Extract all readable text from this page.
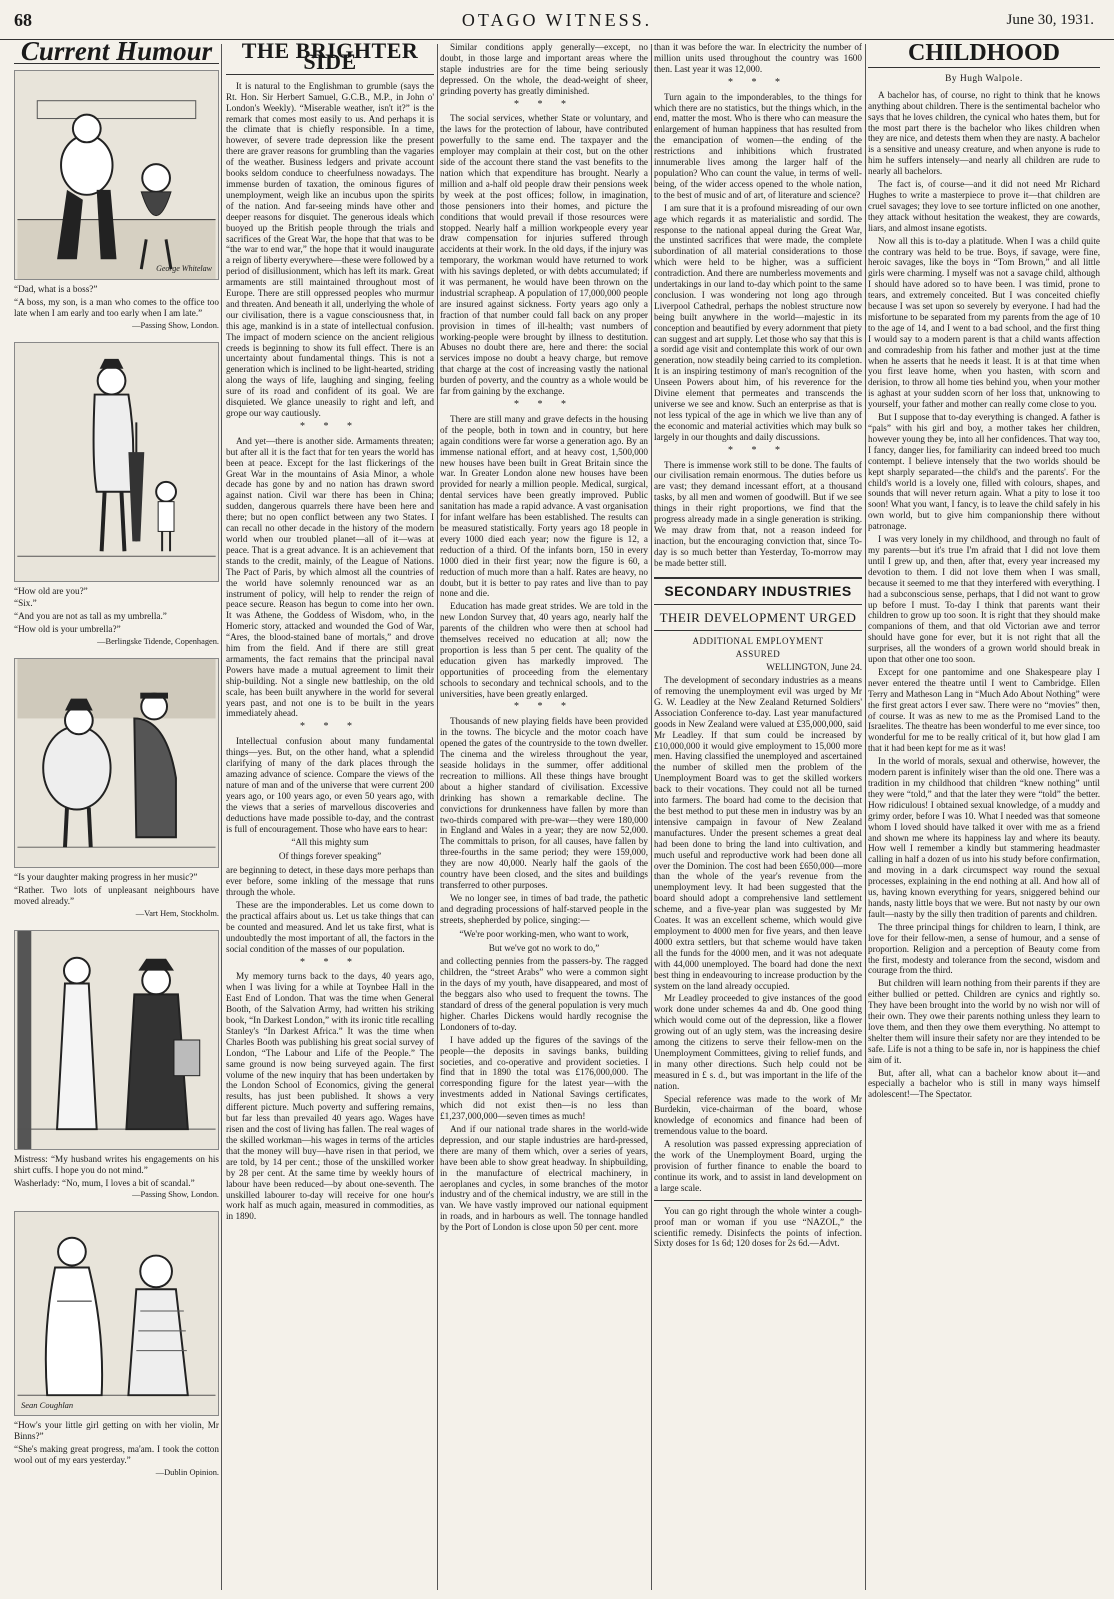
68	OTAGO WITNESS.	June 30, 1931.
Current Humour
George Whitelaw
“Dad, what is a boss?”
“A boss, my son, is a man who comes to the office too late when I am early and too early when I am late.”
—Passing Show, London.
“How old are you?”
“Six.”
“And you are not as tall as my umbrella.”
“How old is your umbrella?”
—Berlingske Tidende, Copenhagen.
“Is your daughter making progress in her music?”
“Rather. Two lots of unpleasant neighbours have moved already.”
—Vart Hem, Stockholm.
Mistress: “My husband writes his engagements on his shirt cuffs. I hope you do not mind.”
Washerlady: “No, mum, I loves a bit of scandal.”
—Passing Show, London.
Sean Coughlan
“How's your little girl getting on with her violin, Mr Binns?”
“She's making great progress, ma'am. I took the cotton wool out of my ears yesterday.”
—Dublin Opinion.
THE BRIGHTER SIDE

It is natural to the Englishman to grumble (says the Rt. Hon. Sir Herbert Samuel, G.C.B., M.P., in John o' London's Weekly). “Miserable weather, isn't it?” is the remark that comes most easily to us. And perhaps it is the climate that is chiefly responsible. In a time, however, of severe trade depression like the present there are graver reasons for grumbling than the vagaries of the weather. Business ledgers and private account books seldom conduce to cheerfulness nowadays. The immense burden of taxation, the ominous figures of unemployment, weigh like an incubus upon the spirits of the nation. And far-seeing minds have other and deeper reasons for disquiet. The generous ideals which buoyed up the British people through the trials and sacrifices of the Great War, the hope that that was to be “the war to end war,” the hope that it would inaugurate a reign of liberty everywhere—these were followed by a period of disillusionment, which has left its mark. Great armaments are still maintained throughout most of Europe. There are still oppressed peoples who murmur and threaten. And beneath it all, underlying the whole of our civilisation, there is a vague consciousness that, in this age, mankind is in a state of intellectual confusion. The impact of modern science on the ancient religious creeds is beginning to show its full effect. There is an uncertainty about fundamental things. This is not a generation which is inclined to be light-hearted, striding along the ways of life, laughing and singing, feeling sure of its road and confident of its goal. We are disquieted. We glance uneasily to right and left, and grope our way cautiously.

* * *

And yet—there is another side. Armaments threaten; but after all it is the fact that for ten years the world has been at peace. Except for the last flickerings of the Great War in the mountains of Asia Minor, a whole decade has gone by and no nation has drawn sword against nation. Civil war there has been in China; sudden, dangerous quarrels there have been here and there; but no open conflict between any two States. I can recall no other decade in the history of the modern world when our troubled planet—all of it—was at peace. That is a great advance. It is an achievement that stands to the credit, mainly, of the League of Nations. The Pact of Paris, by which almost all the countries of the world have solemnly renounced war as an instrument of policy, will help to render the reign of peace secure. Reason has begun to come into her own. It was Athene, the Goddess of Wisdom, who, in the Homeric story, attacked and wounded the God of War, “Ares, the blood-stained bane of mortals,” and drove him from the field. And if there are still great armaments, the fact remains that the principal naval Powers have made a mutual agreement to limit their ship-building. Not a single new battleship, on the old scale, has been built anywhere in the world for several years past, and not one is to be built in the years immediately ahead.

* * *

Intellectual confusion about many fundamental things—yes. But, on the other hand, what a splendid clarifying of many of the dark places through the amazing advance of science. Compare the views of the nature of man and of the universe that were current 200 years ago, or 100 years ago, or even 50 years ago, with the views that a series of marvellous discoveries and deductions have made possible to-day, and the contrast is full of encouragement. Those who have ears to hear:

“All this mighty sum
Of things forever speaking”

are beginning to detect, in these days more perhaps than ever before, some inkling of the message that runs through the whole.

These are the imponderables. Let us come down to the practical affairs about us. Let us take things that can be counted and measured. And let us take first, what is undoubtedly the most important of all, the factors in the social condition of the masses of our population.

* * *

My memory turns back to the days, 40 years ago, when I was living for a while at Toynbee Hall in the East End of London. That was the time when General Booth, of the Salvation Army, had written his striking book, “In Darkest London,” with its ironic title recalling Stanley's “In Darkest Africa.” It was the time when Charles Booth was publishing his great social survey of London, “The Labour and Life of the People.” The same ground is now being surveyed again. The first volume of the new inquiry that has been undertaken by the London School of Economics, giving the general results, has just been published. It shows a very different picture. Much poverty and suffering remains, but far less than prevailed 40 years ago. Wages have risen and the cost of living has fallen. The real wages of the skilled workman—his wages in terms of the articles that the money will buy—have risen in that period, we are told, by 14 per cent.; those of the unskilled worker by 28 per cent. At the same time by weekly hours of labour have been reduced—by about one-seventh. The unskilled labourer to-day will receive for one hour's work half as much again, measured in commodities, as in 1890.

Similar conditions apply generally—except, no doubt, in those large and important areas where the staple industries are for the time being seriously depressed. On the whole, the dead-weight of sheer, grinding poverty has greatly diminished.

* * *

The social services, whether State or voluntary, and the laws for the protection of labour, have contributed powerfully to the same end. The taxpayer and the employer may complain at their cost, but on the other side of the account there stand the vast benefits to the nation which that expenditure has brought. Nearly a million and a-half old people draw their pensions week by week at the post offices; follow, in imagination, those pensioners into their homes, and picture the conditions that would prevail if those resources were stopped. Nearly half a million workpeople every year draw compensation for injuries suffered through accidents at their work. In the old days, if the injury was temporary, the workman would have returned to work with his savings depleted, or with debts accumulated; if it was permanent, he would have been thrown on the industrial scrapheap. A population of 17,000,000 people are insured against sickness. Forty years ago only a fraction of that number could fall back on any proper provision in times of ill-health; vast numbers of working-people were brought by illness to destitution. Abuses no doubt there are, here and there: the social services impose no doubt a heavy charge, but remove that charge at the cost of increasing vastly the national burden of poverty, and the country as a whole would be far from gaining by the exchange.

* * *

There are still many and grave defects in the housing of the people, both in town and in country, but here again conditions were far worse a generation ago. By an immense national effort, and at heavy cost, 1,500,000 new houses have been built in Great Britain since the war. In Greater London alone new houses have been provided for nearly a million people. Medical, surgical, dental services have been greatly improved. Public sanitation has made a rapid advance. A vast organisation for infant welfare has been established. The results can be measured statistically. Forty years ago 18 people in every 1000 died each year; now the figure is 12, a reduction of a third. Of the infants born, 150 in every 1000 died in their first year; now the figure is 60, a reduction of much more than a half. Rates are heavy, no doubt, but it is better to pay rates and live than to pay none and die.

Education has made great strides. We are told in the new London Survey that, 40 years ago, nearly half the parents of the children who were then at school had themselves received no education at all; now the proportion is less than 5 per cent. The quality of the education given has markedly improved. The opportunities of proceeding from the elementary schools to secondary and technical schools, and to the universities, have been greatly enlarged.

* * *

Thousands of new playing fields have been provided in the towns. The bicycle and the motor coach have opened the gates of the countryside to the town dweller. The cinema and the wireless throughout the year, seaside holidays in the summer, offer additional recreation to millions. All these things have brought about a higher standard of civilisation. Excessive drinking has shown a remarkable decline. The convictions for drunkenness have fallen by more than two-thirds compared with pre-war—they were 180,000 in England and Wales in a year; they are now 52,000. The committals to prison, for all causes, have fallen by three-fourths in the same period; they were 159,000, they are now 40,000. Nearly half the gaols of the country have been closed, and the sites and buildings transferred to other purposes.

We no longer see, in times of bad trade, the pathetic and degrading processions of half-starved people in the streets, shepherded by police, singing:—

“We're poor working-men, who want to work,
But we've got no work to do,”

and collecting pennies from the passers-by. The ragged children, the “street Arabs” who were a common sight in the days of my youth, have disappeared, and most of the beggars also who used to frequent the towns. The standard of dress of the general population is very much higher. Charles Dickens would hardly recognise the Londoners of to-day.

I have added up the figures of the savings of the people—the deposits in savings banks, building societies, and co-operative and provident societies. I find that in 1890 the total was £176,000,000. The corresponding figure for the latest year—with the investments added in National Savings certificates, which did not exist then—is no less than £1,237,000,000—seven times as much!

And if our national trade shares in the world-wide depression, and our staple industries are hard-pressed, there are many of them which, over a series of years, have been able to show great headway. In shipbuilding, in the manufacture of electrical machinery, in aeroplanes and cycles, in some branches of the motor industry and of the chemical industry, we are still in the van. We have vastly improved our national equipment in roads, and in harbours as well. The tonnage handled by the Port of London is close upon 50 per cent. more

than it was before the war. In electricity the number of million units used throughout the country was 1600 then. Last year it was 12,000.

* * *

Turn again to the imponderables, to the things for which there are no statistics, but the things which, in the end, matter the most. Who is there who can measure the enlargement of human happiness that has resulted from the emancipation of women—the ending of the restrictions and inhibitions which frustrated innumerable lives among the larger half of the population? Who can count the value, in terms of well-being, of the wider access opened to the whole nation, to the best of music and of art, of literature and science?

I am sure that it is a profound misreading of our own age which regards it as materialistic and sordid. The response to the national appeal during the Great War, the unstinted sacrifices that were made, the complete subordination of all material considerations to those which were held to be higher, was a sufficient contradiction. And there are numberless movements and undertakings in our land to-day which point to the same conclusion. I was wondering not long ago through Liverpool Cathedral, perhaps the noblest structure now being built anywhere in the world—majestic in its conception and beautified by every adornment that piety can suggest and art supply. Let those who say that this is a sordid age visit and contemplate this work of our own generation, now steadily being carried to its completion. It is an inspiring testimony of man's recognition of the Unseen Powers about him, of his reverence for the Divine element that permeates and transcends the universe we see and know. Such an enterprise as that is not less typical of the age in which we live than any of the economic and material activities which may bulk so largely in our thoughts and daily discussions.

* * *

There is immense work still to be done. The faults of our civilisation remain enormous. The duties before us are vast; they demand incessant effort, at a thousand tasks, by all men and women of goodwill. But if we see things in their right proportions, we find that the progress already made in a single generation is striking. We may draw from that, not a reason indeed for inaction, but the encouraging conviction that, since To-day is so much better than Yesterday, To-morrow may be made better still.

SECONDARY INDUSTRIES
THEIR DEVELOPMENT URGED
ADDITIONAL EMPLOYMENT
ASSURED
WELLINGTON, June 24.

The development of secondary industries as a means of removing the unemployment evil was urged by Mr G. W. Leadley at the New Zealand Returned Soldiers' Association Conference to-day. Last year manufactured goods in New Zealand were valued at £35,000,000, said Mr Leadley. If that sum could be increased by £10,000,000 it would give employment to 15,000 more men. Having classified the unemployed and ascertained the number of skilled men the problem of the Unemployment Board was to get the skilled workers back to their vocations. They could not all be turned into farmers. The board had come to the decision that the best method to put these men in industry was by an intensive campaign in favour of New Zealand manufactures. Under the present schemes a great deal had been done to bring the land into cultivation, and much useful and reproductive work had been done all over the Dominion. The cost had been £650,000—more than the whole of the year's revenue from the unemployment levy. It had been suggested that the board should adopt a comprehensive land settlement scheme, and a five-year plan was suggested by Mr Coates. It was an excellent scheme, which would give employment to 4000 men for five years, and then leave 4000 extra settlers, but that scheme would have taken all the funds for the 4000 men, and it was not adequate with 44,000 unemployed. The board had done the next best thing in endeavouring to increase production by the system on the land already occupied.

Mr Leadley proceeded to give instances of the good work done under schemes 4a and 4b. One good thing which would come out of the depression, like a flower growing out of an ugly stem, was the increasing desire among the citizens to serve their fellow-men on the Unemployment Committees, giving to relief funds, and in many other directions. Such help could not be measured in £ s. d., but was important in the life of the nation.

Special reference was made to the work of Mr Burdekin, vice-chairman of the board, whose knowledge of economics and finance had been of tremendous value to the board.

A resolution was passed expressing appreciation of the work of the Unemployment Board, urging the provision of further finance to enable the board to continue its work, and to assist in land development on a large scale.

You can go right through the whole winter a cough-proof man or woman if you use “NAZOL,” the scientific remedy. Disinfects the points of infection. Sixty doses for 1s 6d; 120 doses for 2s 6d.—Advt.

CHILDHOOD
By Hugh Walpole.

A bachelor has, of course, no right to think that he knows anything about children. There is the sentimental bachelor who says that he loves children, the cynical who hates them, but for the most part there is the bachelor who likes children when they are nice, and detests them when they are nasty. A bachelor is a sensitive and uneasy creature, and when anyone is rude to him he suffers intensely—and nearly all children are rude to nearly all bachelors.

The fact is, of course—and it did not need Mr Richard Hughes to write a masterpiece to prove it—that children are cruel savages; they love to see torture inflicted on one another, they attack without hesitation the weakest, they are cowards, liars, and almost insane egotists.

Now all this is to-day a platitude. When I was a child quite the contrary was held to be true. Boys, if savage, were fine, heroic savages, like the boys in “Tom Brown,” and all little girls were charming. I myself was not a savage child, although I should have adored so to have been. I was timid, prone to tears, and extremely conceited. But I was conceited chiefly because I was set upon so severely by everyone. I had had the misfortune to be separated from my parents from the age of 10 to the age of 14, and I went to a bad school, and the first thing I would say to a modern parent is that a child wants affection and comradeship from his father and mother just at the time when he asserts that he needs it least. It is at that time when you first leave home, when you hasten, with scorn and derision, to throw all home ties behind you, when your mother is aghast at your sudden scorn of her loss that, unknowing to yourself, your father and mother can really come close to you.

But I suppose that to-day everything is changed. A father is “pals” with his girl and boy, a mother takes her children, however young they be, into all her confidences. That way too, I fancy, danger lies, for familiarity can indeed breed too much contempt. I believe intensely that the two worlds should be kept sharply separated—the child's and the parents'. For the child's world is a lovely one, filled with colours, shapes, and sounds that will never return again. What a pity to lose it too soon! What you want, I fancy, is to leave the child safely in his own world, but to give him companionship there without patronage.

I was very lonely in my childhood, and through no fault of my parents—but it's true I'm afraid that I did not love them until I grew up, and then, after that, every year increased my devotion to them. I did not love them when I was small, because it seemed to me that they interfered with everything. I had a subconscious sense, perhaps, that I did not want to grow up before I must. To-day I think that parents want their children to grow up too soon. It is right that they should make companions of them, and that old Victorian awe and terror should have gone for ever, but it is not right that all the surprises, all the wonders of a grown world should break in upon that other one too soon.

Except for one pantomime and one Shakespeare play I never entered the theatre until I went to Cambridge. Ellen Terry and Matheson Lang in “Much Ado About Nothing” were the first great actors I ever saw. There were no “movies” then, of course. It was as new to me as the Promised Land to the Israelites. The theatre has been wonderful to me ever since, too wonderful for me to be really critical of it, but how glad I am that it had been kept for me as it was!

In the world of morals, sexual and otherwise, however, the modern parent is infinitely wiser than the old one. There was a tradition in my childhood that children “knew nothing” until they were “told,” and that the later they were “told” the better. How ridiculous! I obtained sexual knowledge, of a muddy and grimy order, before I was 10. What I needed was that someone whom I loved should have talked it over with me as a friend and shown me where its happiness lay and where its beauty. How well I remember a kindly but stammering headmaster calling in half a dozen of us into his study before confirmation, and moving in a dark circumspect way round the sexual processes, explaining in the end nothing at all. And how all of us, having known everything for years, sniggered behind our hands, nasty little boys that we were. But not nasty by our own fault—nasty by the silly then tradition of parents and children.

The three principal things for children to learn, I think, are love for their fellow-men, a sense of humour, and a sense of proportion. Religion and a perception of Beauty come from the first, modesty and tolerance from the second, wisdom and courage from the third.

But children will learn nothing from their parents if they are either bullied or petted. Children are cynics and rightly so. They have been brought into the world by no wish nor will of their own. They owe their parents nothing unless they learn to love them, and then they owe them everything. No attempt to shelter them will insure their safety nor are they intended to be safe. Life is not a thing to be safe in, nor is happiness the chief aim of it.

But, after all, what can a bachelor know about it—and especially a bachelor who is still in many ways himself adolescent!—The Spectator.
